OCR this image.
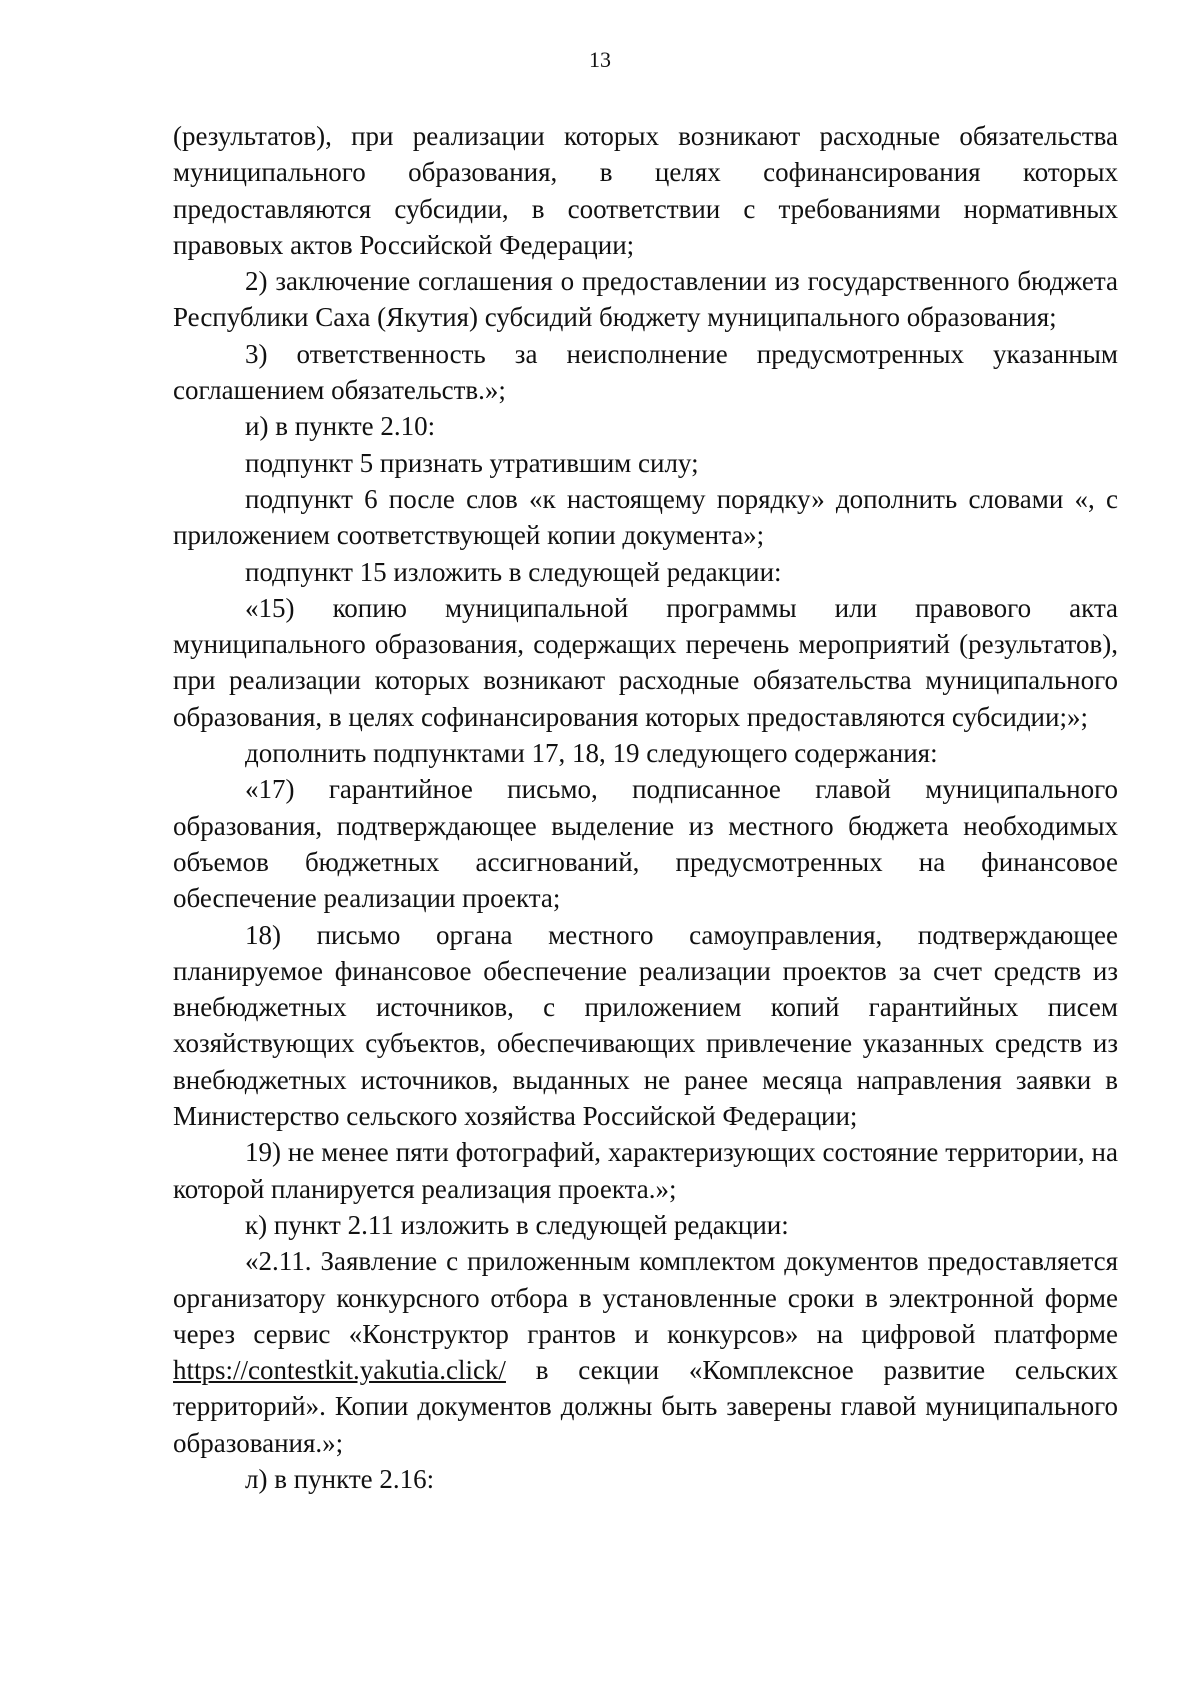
13

(результатов), при реализации которых возникают расходные обязательства муниципального образования, в целях софинансирования которых предоставляются субсидии, в соответствии с требованиями нормативных правовых актов Российской Федерации;

2) заключение соглашения о предоставлении из государственного бюджета Республики Саха (Якутия) субсидий бюджету муниципального образования;

3) ответственность за неисполнение предусмотренных указанным соглашением обязательств.»;

и) в пункте 2.10:

подпункт 5 признать утратившим силу;

подпункт 6 после слов «к настоящему порядку» дополнить словами «, с приложением соответствующей копии документа»;

подпункт 15 изложить в следующей редакции:

«15) копию муниципальной программы или правового акта муниципального образования, содержащих перечень мероприятий (результатов), при реализации которых возникают расходные обязательства муниципального образования, в целях софинансирования которых предоставляются субсидии;»;

дополнить подпунктами 17, 18, 19 следующего содержания:

«17) гарантийное письмо, подписанное главой муниципального образования, подтверждающее выделение из местного бюджета необходимых объемов бюджетных ассигнований, предусмотренных на финансовое обеспечение реализации проекта;

18) письмо органа местного самоуправления, подтверждающее планируемое финансовое обеспечение реализации проектов за счет средств из внебюджетных источников, с приложением копий гарантийных писем хозяйствующих субъектов, обеспечивающих привлечение указанных средств из внебюджетных источников, выданных не ранее месяца направления заявки в Министерство сельского хозяйства Российской Федерации;

19) не менее пяти фотографий, характеризующих состояние территории, на которой планируется реализация проекта.»;

к) пункт 2.11 изложить в следующей редакции:

«2.11. Заявление с приложенным комплектом документов предоставляется организатору конкурсного отбора в установленные сроки в электронной форме через сервис «Конструктор грантов и конкурсов» на цифровой платформе https://contestkit.yakutia.click/ в секции «Комплексное развитие сельских территорий». Копии документов должны быть заверены главой муниципального образования.»;

л) в пункте 2.16:
